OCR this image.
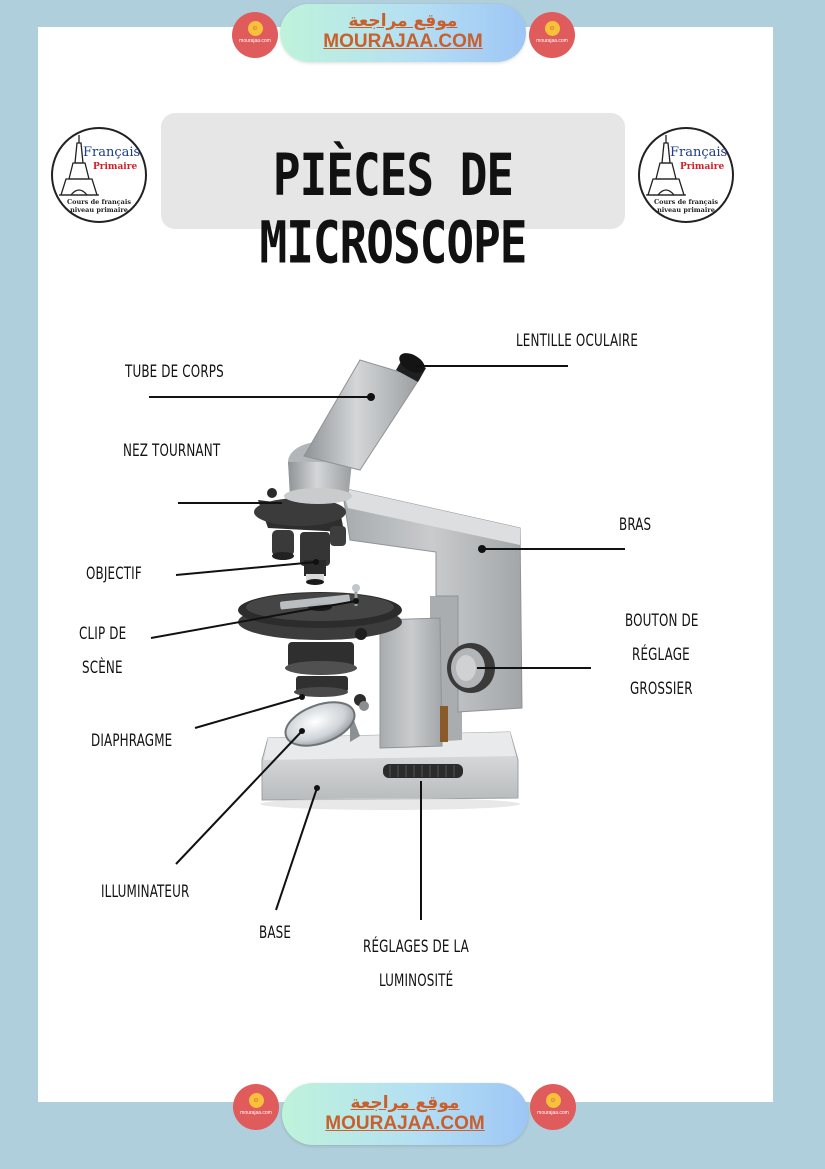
☺
mourajaa.com
موقع مراجعة
MOURAJAA.COM
☺
mourajaa.com
Français
Primaire
Cours de français
niveau primaire
PIÈCES DE MICROSCOPE
Français
Primaire
Cours de français
niveau primaire
LENTILLE OCULAIRE
TUBE DE CORPS
NEZ TOURNANT
BRAS
OBJECTIF
CLIP DE
SCÈNE
BOUTON DE
RÉGLAGE
GROSSIER
DIAPHRAGME
ILLUMINATEUR
BASE
RÉGLAGES DE LA
LUMINOSITÉ
☺
mourajaa.com	موقع مراجعة
MOURAJAA.COM
☺
mourajaa.com
